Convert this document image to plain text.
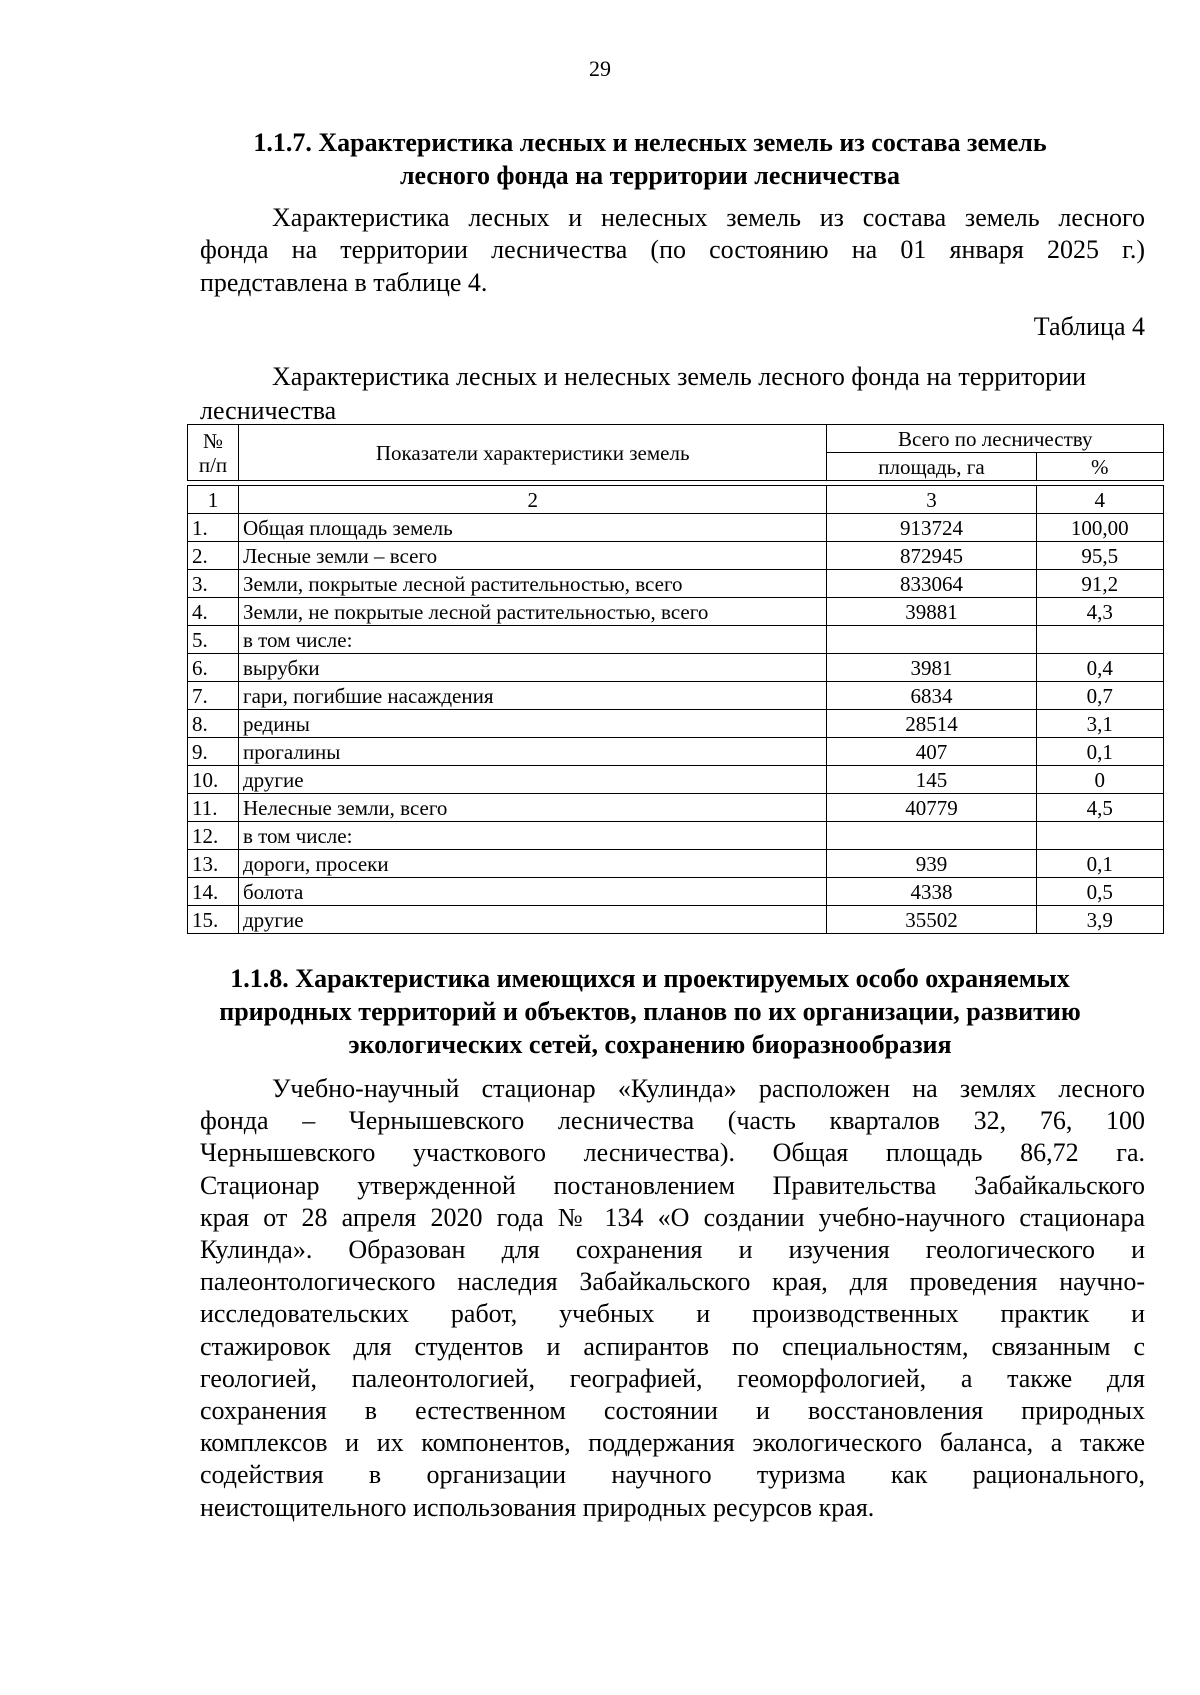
29
1.1.7. Характеристика лесных и нелесных земель из состава земель
лесного фонда на территории лесничества
Характеристика лесных и нелесных земель из состава земель лесного
фонда на территории лесничества (по состоянию на 01 января 2025 г.)
представлена в таблице 4.
Таблица 4
Характеристика лесных и нелесных земель лесного фонда на территории
лесничества
№ п/п	Показатели характеристики земель	Всего по лесничеству	
		площадь, га	%

1	2	3	4
1.	Общая площадь земель	913724	100,00
2.	Лесные земли – всего	872945	95,5
3.	Земли, покрытые лесной растительностью, всего	833064	91,2
4.	Земли, не покрытые лесной растительностью, всего	39881	4,3
5.	в том числе:		
6.	вырубки	3981	0,4
7.	гари, погибшие насаждения	6834	0,7
8.	редины	28514	3,1
9.	прогалины	407	0,1
10.	другие	145	0
11.	Нелесные земли, всего	40779	4,5
12.	в том числе:		
13.	дороги, просеки	939	0,1
14.	болота	4338	0,5
15.	другие	35502	3,9
1.1.8. Характеристика имеющихся и проектируемых особо охраняемых
природных территорий и объектов, планов по их организации, развитию
экологических сетей, сохранению биоразнообразия
Учебно-научный стационар «Кулинда» расположен на землях лесного
фонда – Чернышевского лесничества (часть кварталов 32, 76, 100
Чернышевского участкового лесничества). Общая площадь 86,72 га.
Стационар утвержденной постановлением Правительства Забайкальского
края от 28 апреля 2020 года № 134 «О создании учебно-научного стационара
Кулинда». Образован для сохранения и изучения геологического и
палеонтологического наследия Забайкальского края, для проведения научно-
исследовательских работ, учебных и производственных практик и
стажировок для студентов и аспирантов по специальностям, связанным с
геологией, палеонтологией, географией, геоморфологией, а также для
сохранения в естественном состоянии и восстановления природных
комплексов и их компонентов, поддержания экологического баланса, а также
содействия в организации научного туризма как рационального,
неистощительного использования природных ресурсов края.
